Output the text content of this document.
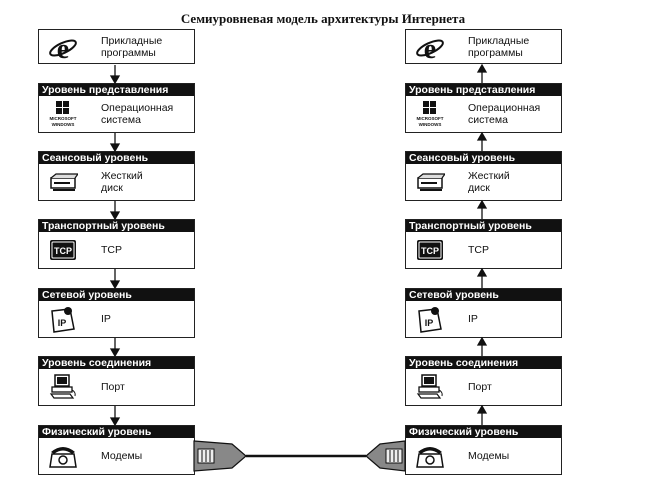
Семиуровневая модель архитектуры Интернета
e	Прикладные
программы
Уровень представления
MICROSOFT
WINDOWS
Операционная
система
Сеансовый уровень
Жесткий
диск
Транспортный уровень
TCP	TCP
Сетевой уровень
IP	IP
Уровень соединения
Порт
Физический уровень
Модемы
e	Прикладные
программы
Уровень представления
MICROSOFT
WINDOWS
Операционная
система
Сеансовый уровень
Жесткий
диск
Транспортный уровень
TCP	TCP
Сетевой уровень
IP	IP
Уровень соединения
Порт
Физический уровень
Модемы
